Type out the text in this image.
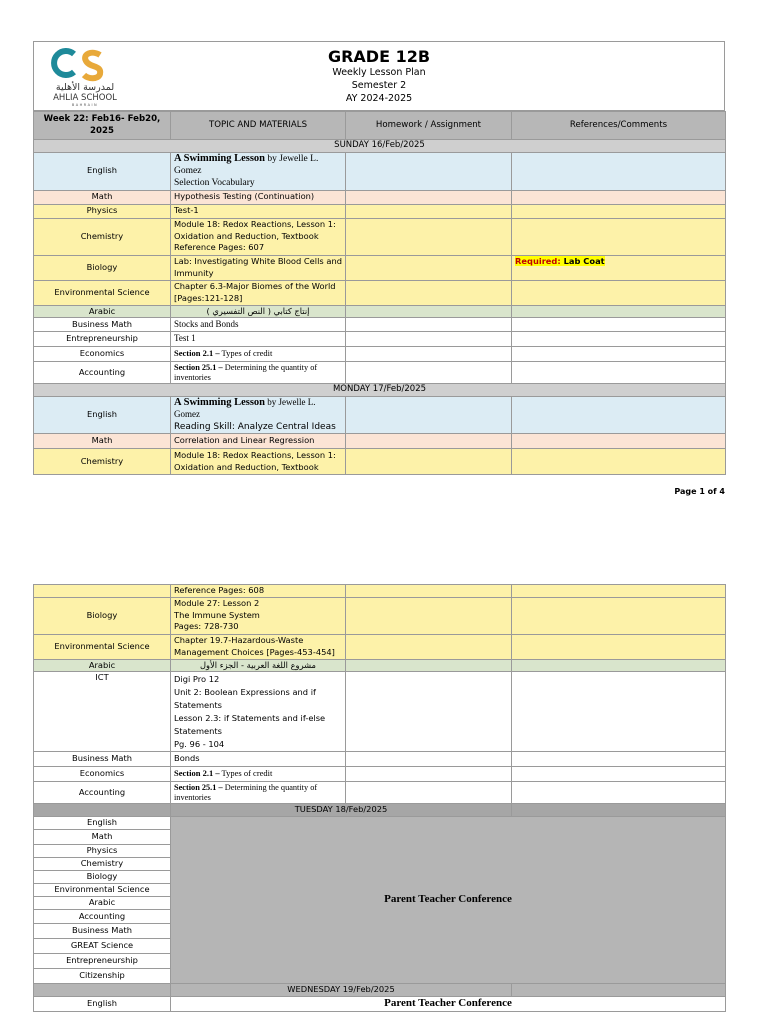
لمدرسة الأهلية
AHLIA SCHOOL
BAHRAIN
GRADE 12B
Weekly Lesson Plan
Semester 2
AY 2024-2025
Week 22: Feb16- Feb20, 2025	TOPIC AND MATERIALS	Homework / Assignment	References/Comments
SUNDAY 16/Feb/2025			
English	A Swimming Lesson by Jewelle L. Gomez
Selection Vocabulary		
Math	Hypothesis Testing (Continuation)		
Physics	Test-1		
Chemistry	Module 18: Redox Reactions, Lesson 1: Oxidation and Reduction, Textbook Reference Pages: 607		
Biology	Lab: Investigating White Blood Cells and Immunity		Required: Lab Coat
Environmental Science	Chapter 6.3-Major Biomes of the World [Pages:121-128]		
Arabic	إنتاج كتابي ( النص التفسيري )		
Business Math	Stocks and Bonds		
Entrepreneurship	Test 1		
Economics	Section 2.1 – Types of credit		
Accounting	Section 25.1 – Determining the quantity of inventories		
MONDAY 17/Feb/2025			
English	A Swimming Lesson by Jewelle L. Gomez
Reading Skill: Analyze Central Ideas		
Math	Correlation and Linear Regression		
Chemistry	Module 18: Redox Reactions, Lesson 1: Oxidation and Reduction, Textbook		
Page 1 of 4
	Reference Pages: 608		
Biology	Module 27: Lesson 2
The Immune System
Pages: 728-730		
Environmental Science	Chapter 19.7-Hazardous-Waste Management Choices [Pages-453-454]		
Arabic	مشروع اللغة العربية - الجزء الأول		
ICT	Digi Pro 12
Unit 2: Boolean Expressions and if Statements
Lesson 2.3: if Statements and if-else Statements
Pg. 96 - 104		
Business Math	Bonds		
Economics	Section 2.1 – Types of credit		
Accounting	Section 25.1 – Determining the quantity of inventories		
	TUESDAY 18/Feb/2025		
English	Parent Teacher Conference		
Math			
Physics			
Chemistry			
Biology			
Environmental Science			
Arabic			
Accounting			
Business Math			
GREAT Science			
Entrepreneurship			
Citizenship			
	WEDNESDAY 19/Feb/2025		
English	Parent Teacher Conference		
